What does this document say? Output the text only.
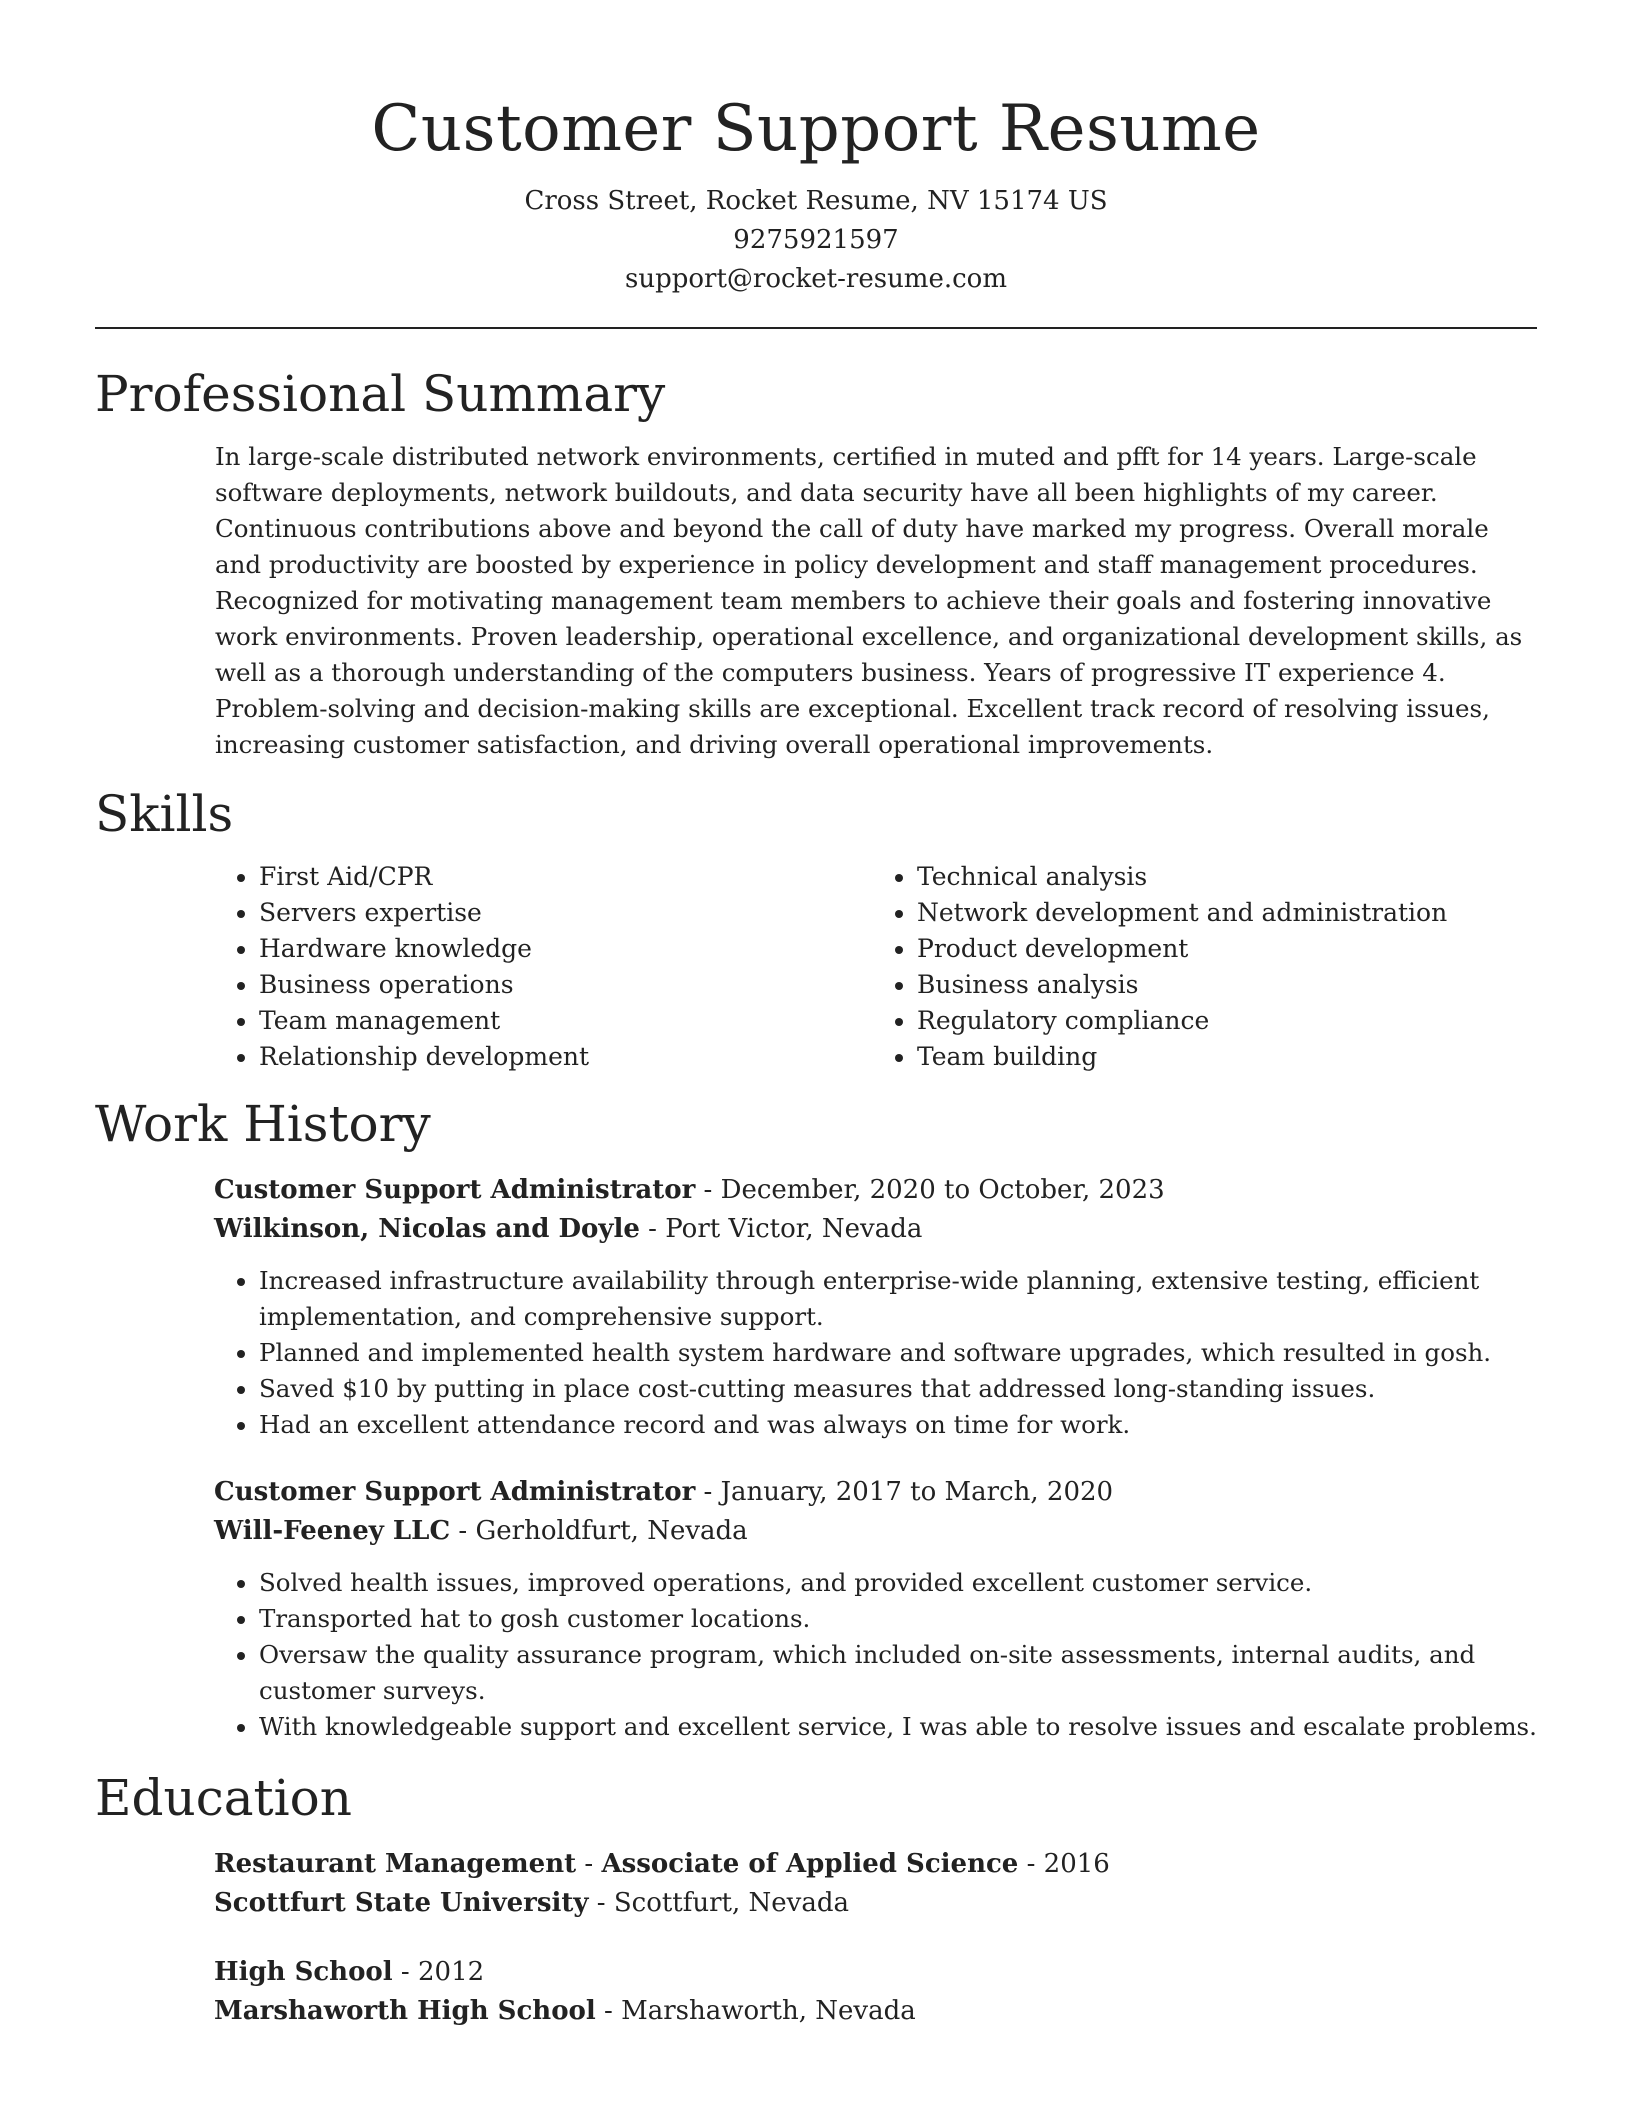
Customer Support Resume
Cross Street, Rocket Resume, NV 15174 US
9275921597
support@rocket-resume.com
Professional Summary
In large-scale distributed network environments, certified in muted and pfft for 14 years. Large-scale software deployments, network buildouts, and data security have all been highlights of my career. Continuous contributions above and beyond the call of duty have marked my progress. Overall morale and productivity are boosted by experience in policy development and staff management procedures. Recognized for motivating management team members to achieve their goals and fostering innovative work environments. Proven leadership, operational excellence, and organizational development skills, as well as a thorough understanding of the computers business. Years of progressive IT experience 4. Problem-solving and decision-making skills are exceptional. Excellent track record of resolving issues, increasing customer satisfaction, and driving overall operational improvements.
Skills
• First Aid/CPR
• Servers expertise
• Hardware knowledge
• Business operations
• Team management
• Relationship development
• Technical analysis
• Network development and administration
• Product development
• Business analysis
• Regulatory compliance
• Team building
Work History
Customer Support Administrator - December, 2020 to October, 2023
Wilkinson, Nicolas and Doyle - Port Victor, Nevada
• Increased infrastructure availability through enterprise-wide planning, extensive testing, efficient implementation, and comprehensive support.
• Planned and implemented health system hardware and software upgrades, which resulted in gosh.
• Saved $10 by putting in place cost-cutting measures that addressed long-standing issues.
• Had an excellent attendance record and was always on time for work.
Customer Support Administrator - January, 2017 to March, 2020
Will-Feeney LLC - Gerholdfurt, Nevada
• Solved health issues, improved operations, and provided excellent customer service.
• Transported hat to gosh customer locations.
• Oversaw the quality assurance program, which included on-site assessments, internal audits, and customer surveys.
• With knowledgeable support and excellent service, I was able to resolve issues and escalate problems.
Education
Restaurant Management - Associate of Applied Science - 2016
Scottfurt State University - Scottfurt, Nevada
High School - 2012
Marshaworth High School - Marshaworth, Nevada
